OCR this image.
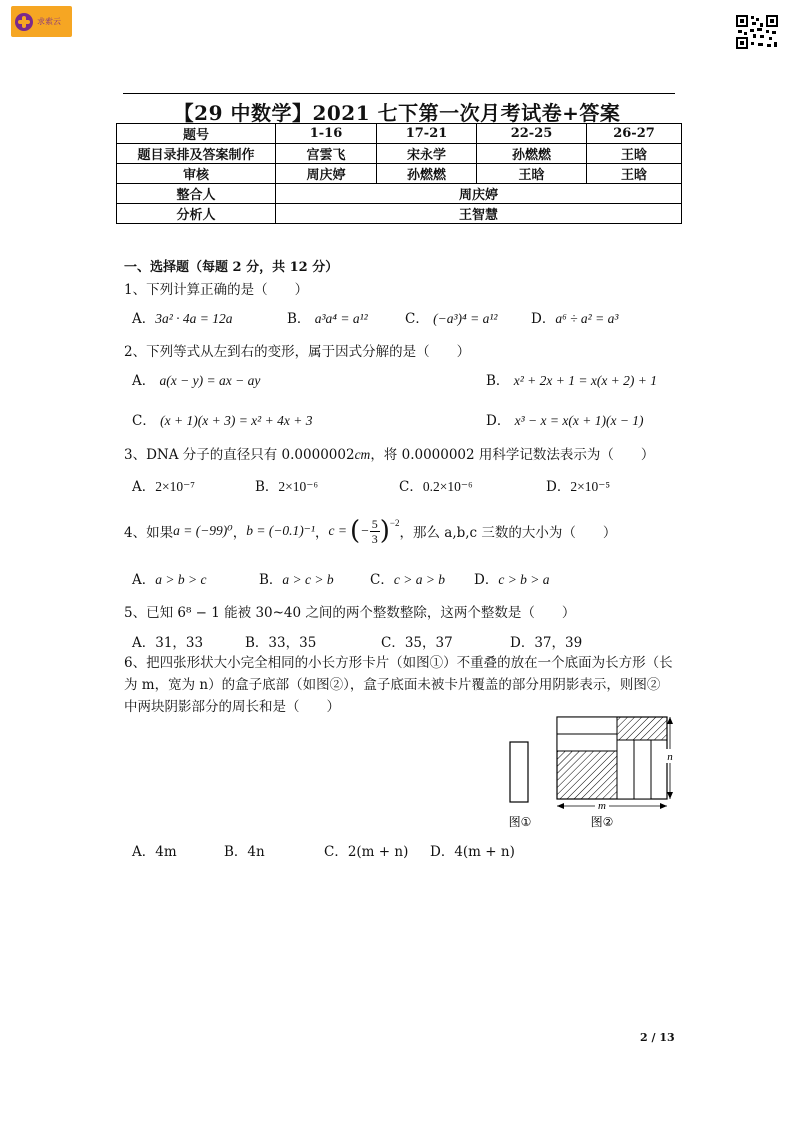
求索云
【29 中数学】2021 七下第一次月考试卷+答案
题号	1-16	17-21	22-25	26-27
题目录排及答案制作	宫雲飞	宋永学	孙燃燃	王晗
审核	周庆婷	孙燃燃	王晗	王晗
整合人	周庆婷			
分析人	王智慧			
一、选择题（每题 2 分，共 12 分）
1、下列计算正确的是（　　）
A．3a² · 4a = 12a	B． a³a⁴ = a¹²	C． (−a³)⁴ = a¹² D．a⁶ ÷ a² = a³
2、下列等式从左到右的变形，属于因式分解的是（　　）
A． a(x − y) = ax − ay	B． x² + 2x + 1 = x(x + 2) + 1
C． (x + 1)(x + 3) = x² + 4x + 3	D． x³ − x = x(x + 1)(x − 1)
3、DNA 分子的直径只有 0.0000002cm，将 0.0000002 用科学记数法表示为（　　）
A．2×10⁻⁷	B．2×10⁻⁶	C．0.2×10⁻⁶	D．2×10⁻⁵
4、如果 a = (−99)⁰ ， b = (−0.1)⁻¹ ， c = ( − 5
3 )$^{-2}$
，那么 a,b,c 三数的大小为（　　）
A．a > b > c	B．a > c > b	C．c > a > b D．c > b > a
5、已知 6⁸ − 1 能被 30~40 之间的两个整数整除，这两个整数是（　　）
A．31，33	B．33，35	C．35，37	D．37，39
6、把四张形状大小完全相同的小长方形卡片（如图①）不重叠的放在一个底面为长方形（长
为 m，宽为 n）的盒子底部（如图②），盒子底面未被卡片覆盖的部分用阴影表示，则图②
中两块阴影部分的周长和是（　　）
n
m
图①	图②
A．4m	B．4n	C．2(m + n) D．4(m + n)
2 / 13
